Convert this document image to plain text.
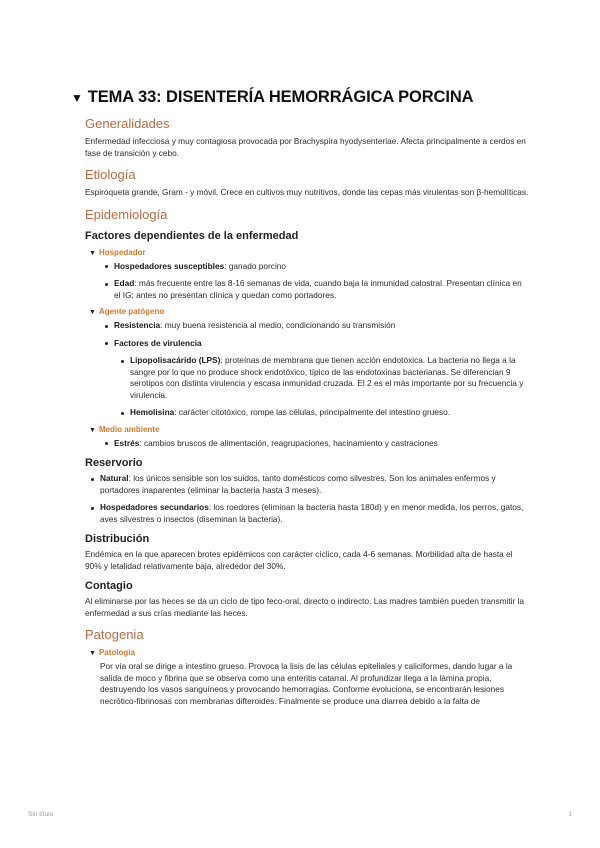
▼ TEMA 33: DISENTERÍA HEMORRÁGICA PORCINA
Generalidades

Enfermedad infecciosa y muy contagiosa provocada por Brachyspira hyodysenteriae. Afecta principalmente a cerdos en fase de transición y cebo.

Etiología

Espiroqueta grande, Gram - y móvil. Crece en cultivos muy nutritivos, donde las cepas más virulentas son β-hemolíticas.

Epidemiología
Factores dependientes de la enfermedad
▼ Hospedador
Hospedadores susceptibles: ganado porcino
Edad: más frecuente entre las 8-16 semanas de vida, cuando baja la inmunidad calostral. Presentan clínica en el IG; antes no presentan clínica y quedan como portadores.
▼ Agente patógeno
Resistencia: muy buena resistencia al medio, condicionando su transmisión
Factores de virulencia
Lipopolisacárido (LPS): proteínas de membrana que tienen acción endotóxica. La bacteria no llega a la sangre por lo que no produce shock endotóxico, típico de las endotoxinas bacterianas. Se diferencian 9 serotipos con distinta virulencia y escasa inmunidad cruzada. El 2 es el más importante por su frecuencia y virulencia.
Hemolisina: carácter citotóxico, rompe las células, principalmente del intestino grueso.
▼ Medio ambiente
Estrés: cambios bruscos de alimentación, reagrupaciones, hacinamiento y castraciones
Reservorio
Natural: los únicos sensible son los suidos, tanto domésticos como silvestres. Son los animales enfermos y portadores inaparentes (eliminar la bacteria hasta 3 meses).
Hospedadores secundarios: los roedores (eliminan la bacteria hasta 180d) y en menor medida, los perros, gatos, aves silvestres o insectos (diseminan la bacteria).
Distribución

Endémica en la que aparecen brotes epidémicos con carácter cíclico, cada 4-6 semanas. Morbilidad alta de hasta el 90% y letalidad relativamente baja, alrededor del 30%.

Contagio

Al eliminarse por las heces se da un ciclo de tipo feco-oral, directo o indirecto. Las madres también pueden transmitir la enfermedad a sus crías mediante las heces.

Patogenia
▼ Patología

Por vía oral se dirige a intestino grueso. Provoca la lisis de las células epiteliales y caliciformes, dando lugar a la salida de moco y fibrina que se observa como una enteritis catarral. Al profundizar llega a la lámina propia, destruyendo los vasos sanguíneos y provocando hemorragias. Conforme evoluciona, se encontrarán lesiones necrótico-fibrinosas con membranas difteroides. Finalmente se produce una diarrea debido a la falta de

Sin título	1
